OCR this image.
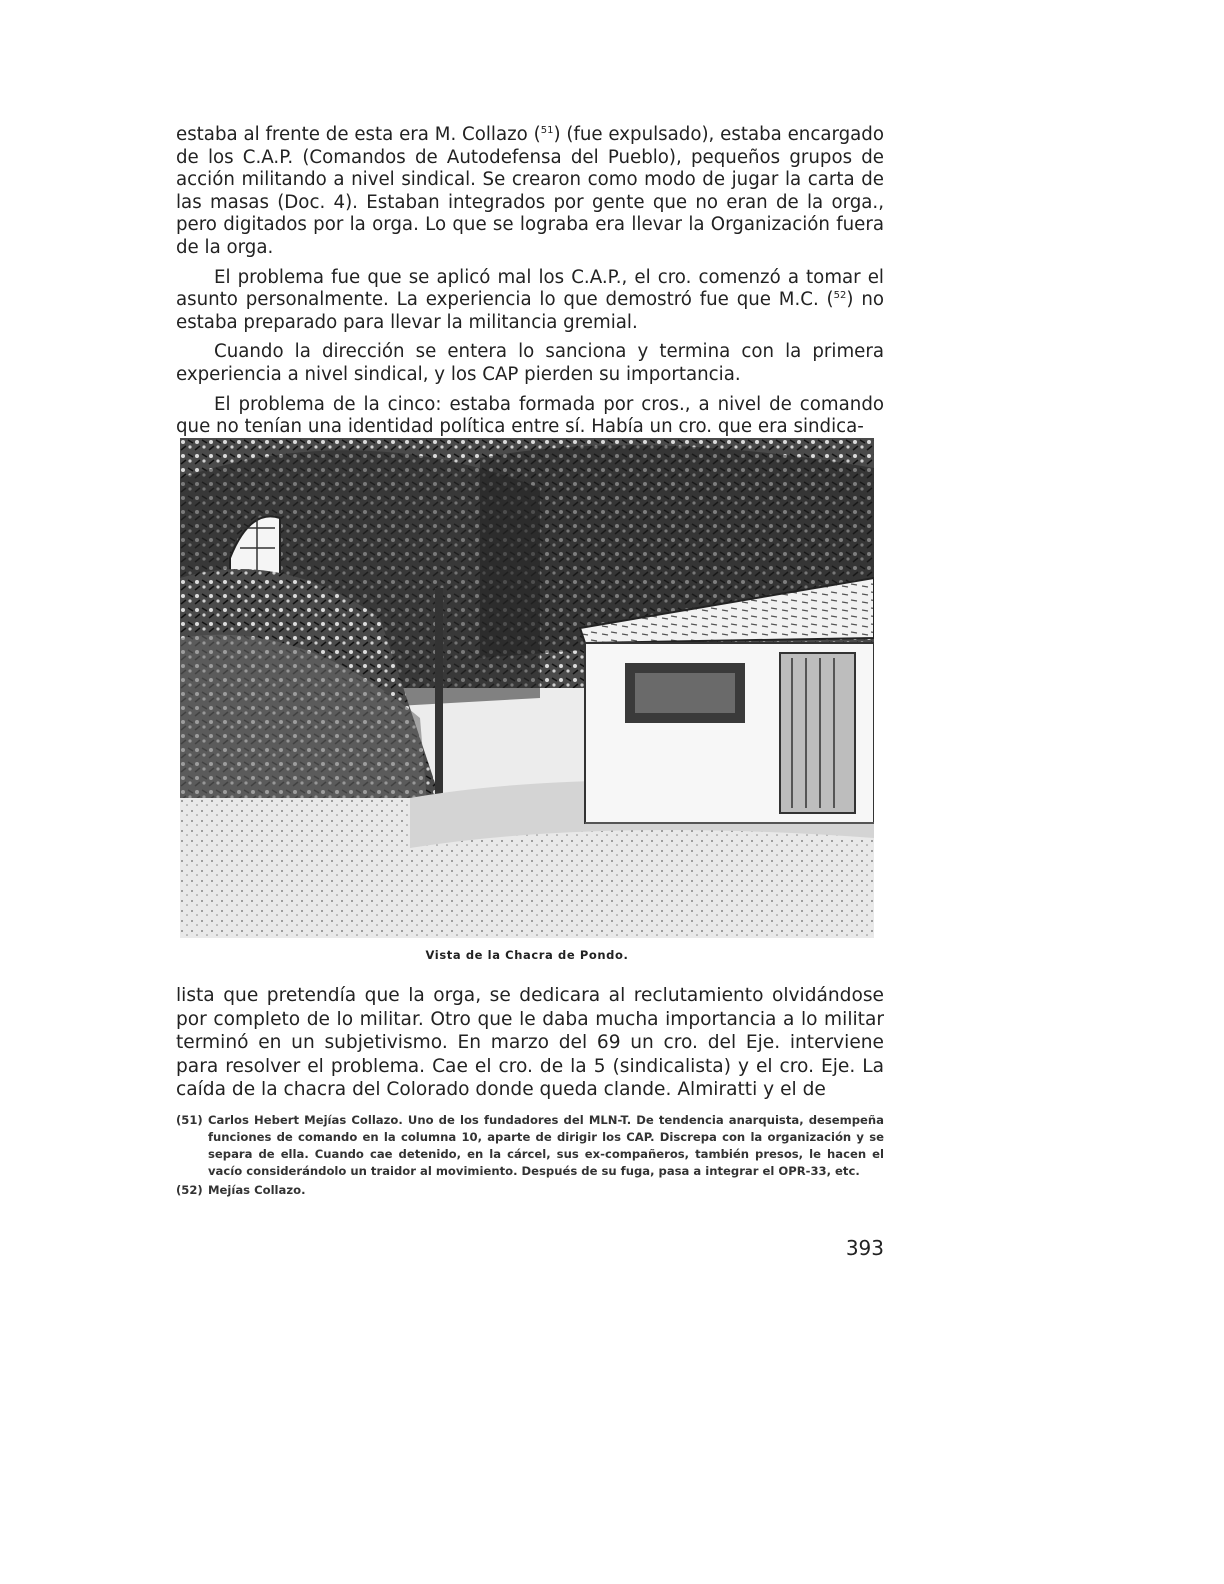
estaba al frente de esta era M. Collazo ($^{51}$) (fue expulsado), estaba encargado de los C.A.P. (Comandos de Autodefensa del Pueblo), pequeños grupos de acción militando a nivel sindical. Se crearon como modo de jugar la carta de las masas (Doc. 4). Estaban integrados por gente que no eran de la orga., pero digitados por la orga. Lo que se lograba era llevar la Organización fuera de la orga.

El problema fue que se aplicó mal los C.A.P., el cro. comenzó a tomar el asunto personalmente. La experiencia lo que demostró fue que M.C. ($^{52}$) no estaba preparado para llevar la militancia gremial.

Cuando la dirección se entera lo sanciona y termina con la primera experiencia a nivel sindical, y los CAP pierden su importancia.

El problema de la cinco: estaba formada por cros., a nivel de comando que no tenían una identidad política entre sí. Había un cro. que era sindica-

Vista de la Chacra de Pondo.

lista que pretendía que la orga, se dedicara al reclutamiento olvidándose por completo de lo militar. Otro que le daba mucha importancia a lo militar terminó en un subjetivismo. En marzo del 69 un cro. del Eje. interviene para resolver el problema. Cae el cro. de la 5 (sindicalista) y el cro. Eje. La caída de la chacra del Colorado donde queda clande. Almiratti y el de

(51) Carlos Hebert Mejías Collazo. Uno de los fundadores del MLN-T. De tendencia anarquista, desempeña funciones de comando en la columna 10, aparte de dirigir los CAP. Discrepa con la organización y se separa de ella. Cuando cae detenido, en la cárcel, sus ex-compañeros, también presos, le hacen el vacío considerándolo un traidor al movimiento. Después de su fuga, pasa a integrar el OPR-33, etc.
(52) Mejías Collazo.
393
